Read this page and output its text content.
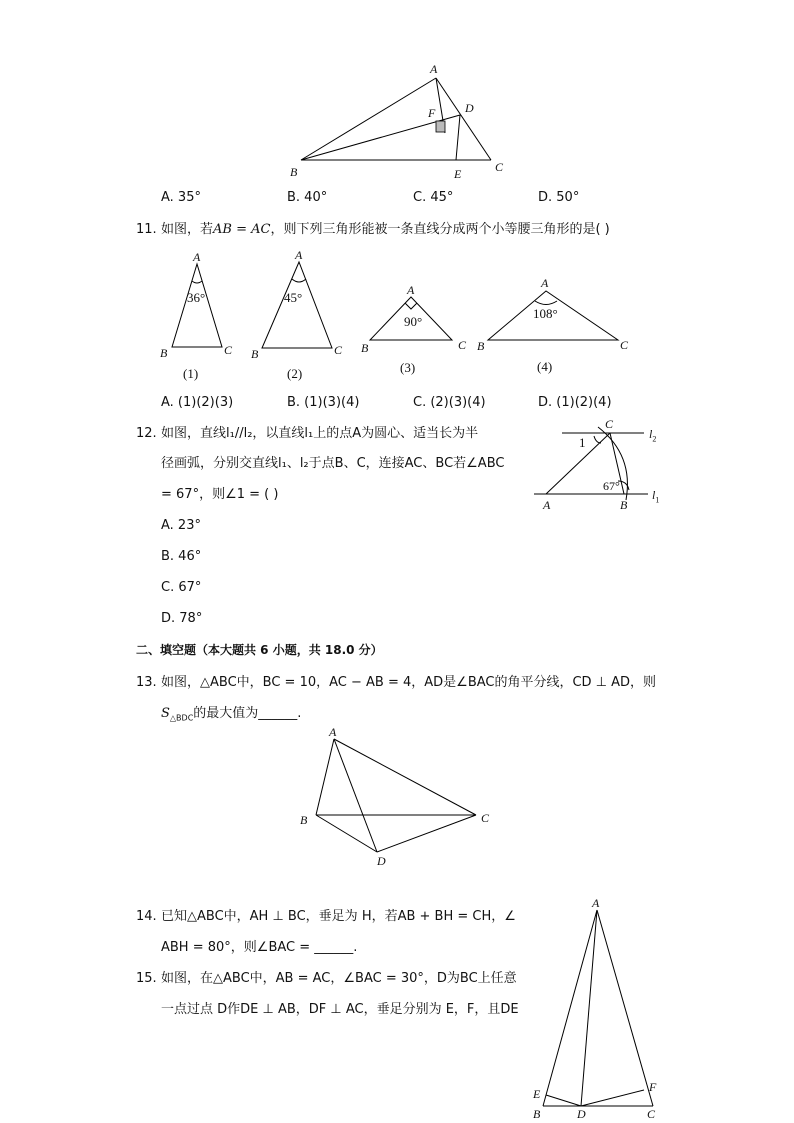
A
F D
B	E	C
A. 35°	B. 40°	C. 45°	D. 50°
11. 如图，若AB = AC，则下列三角形能被一条直线分成两个小等腰三角形的是( )
A
36°
B	C
(1)
A
45°
B	C
(2)
A
90°
B	C
(3)
A
108°
B	C
(4)
A. (1)(2)(3)	B. (1)(3)(4)	C. (2)(3)(4)	D. (1)(2)(4)
12. 如图，直线l₁//l₂，以直线l₁上的点A为圆心、适当长为半
径画弧，分别交直线l₁、l₂于点B、C，连接AC、BC若∠ABC
= 67°，则∠1 = ( )
A. 23°
B. 46°
C. 67°
D. 78°
C
1
67°
$l_2$
$l_1$
A	B
二、填空题（本大题共 6 小题，共 18.0 分）
13. 如图，△ABC中，BC = 10，AC − AB = 4，AD是∠BAC的角平分线，CD ⊥ AD，则
$S_{\triangle BDC}$的最大值为______.
A
B	C
D
14. 已知△ABC中，AH ⊥ BC，垂足为 H，若AB + BH = CH，∠
ABH = 80°，则∠BAC = ______.
15. 如图，在△ABC中，AB = AC，∠BAC = 30°，D为BC上任意
一点过点 D作DE ⊥ AB，DF ⊥ AC，垂足分别为 E，F，且DE
A
E	F
B	D	C
